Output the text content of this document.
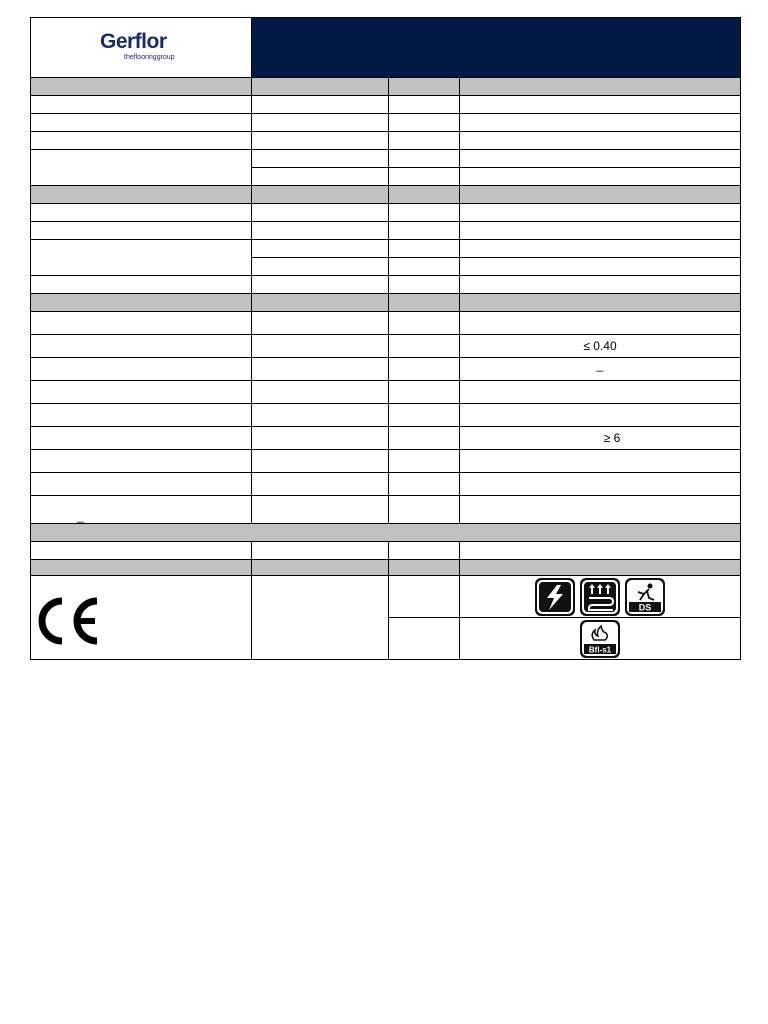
Gerflor
theflooringgroup			

			≤ 0.40
			_

			≥ 6

_			

DS

Bfl-s1
